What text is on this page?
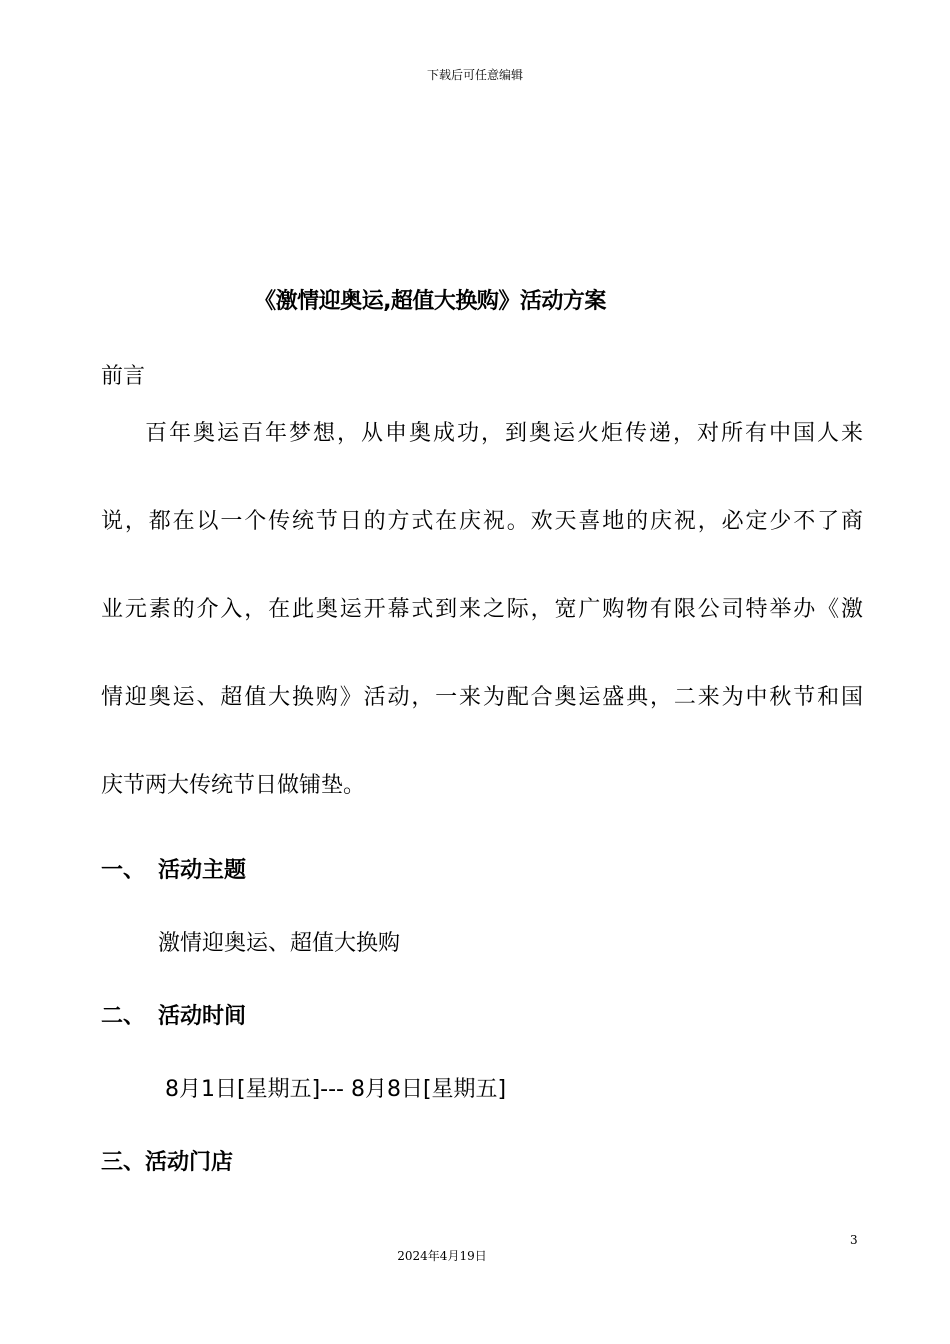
下载后可任意编辑
《激情迎奥运,超值大换购》活动方案
前言
百年奥运百年梦想，从申奥成功，到奥运火炬传递，对所有中国人来
说，都在以一个传统节日的方式在庆祝。欢天喜地的庆祝，必定少不了商
业元素的介入，在此奥运开幕式到来之际，宽广购物有限公司特举办《激
情迎奥运、超值大换购》活动，一来为配合奥运盛典，二来为中秋节和国
庆节两大传统节日做铺垫。
一、 活动主题
激情迎奥运、超值大换购
二、 活动时间
8月1日[星期五]--- 8月8日[星期五]
三、活动门店
3
2024年4月19日
